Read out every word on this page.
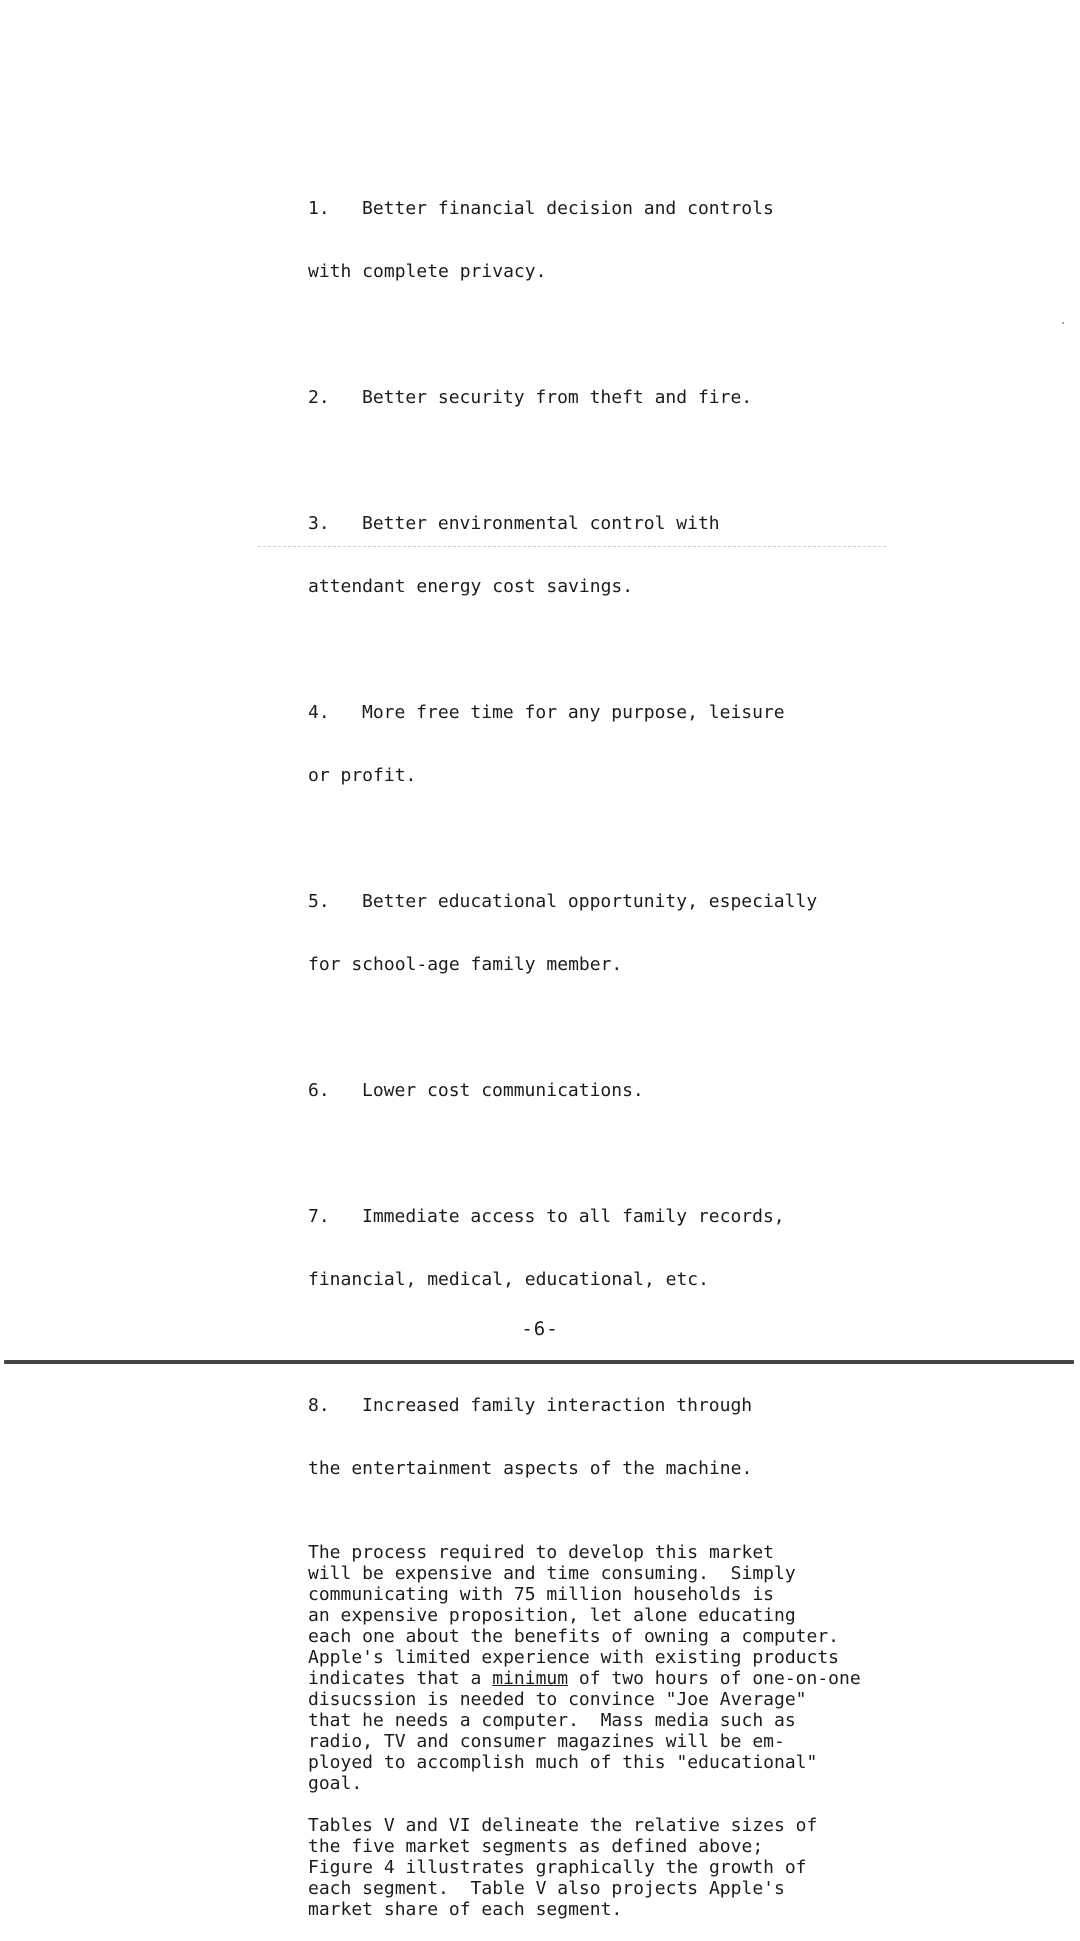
1. Better financial decision and controls

with complete privacy.

2. Better security from theft and fire.

3. Better environmental control with

attendant energy cost savings.

4. More free time for any purpose, leisure

or profit.

5. Better educational opportunity, especially

for school-age family member.

6. Lower cost communications.

7. Immediate access to all family records,

financial, medical, educational, etc.

8. Increased family interaction through

the entertainment aspects of the machine.

The process required to develop this market
will be expensive and time consuming.  Simply
communicating with 75 million households is
an expensive proposition, let alone educating
each one about the benefits of owning a computer.
Apple's limited experience with existing products
indicates that a minimum of two hours of one-on-one
disucssion is needed to convince "Joe Average"
that he needs a computer.  Mass media such as
radio, TV and consumer magazines will be em-
ployed to accomplish much of this "educational"
goal.
Tables V and VI delineate the relative sizes of
the five market segments as defined above;
Figure 4 illustrates graphically the growth of
each segment.  Table V also projects Apple's
market share of each segment.
-6-
